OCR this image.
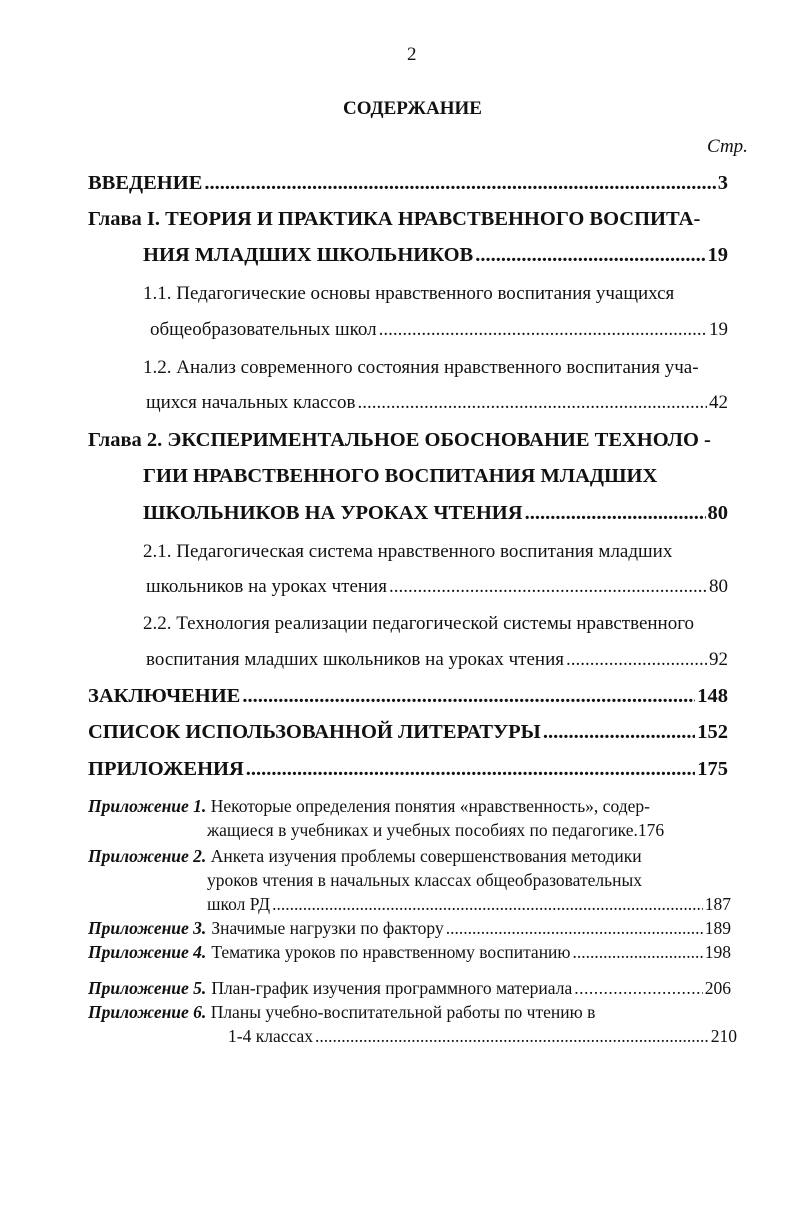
2
СОДЕРЖАНИЕ
Стр.
ВВЕДЕНИЕ .....	3
Глава I. ТЕОРИЯ И ПРАКТИКА НРАВСТВЕННОГО ВОСПИТА-
НИЯ МЛАДШИХ ШКОЛЬНИКОВ .....	19
1.1. Педагогические основы нравственного воспитания учащихся
общеобразовательных школ .....	19
1.2. Анализ современного состояния нравственного воспитания уча-
щихся начальных классов .....	42
Глава 2. ЭКСПЕРИМЕНТАЛЬНОЕ ОБОСНОВАНИЕ ТЕХНОЛО -
ГИИ НРАВСТВЕННОГО ВОСПИТАНИЯ МЛАДШИХ
ШКОЛЬНИКОВ НА УРОКАХ ЧТЕНИЯ .....	80
2.1. Педагогическая система нравственного воспитания младших
школьников на уроках чтения .....	80
2.2. Технология реализации педагогической системы нравственного
воспитания младших школьников на уроках чтения .....	92
ЗАКЛЮЧЕНИЕ .....	148
СПИСОК ИСПОЛЬЗОВАННОЙ ЛИТЕРАТУРЫ .....	152
ПРИЛОЖЕНИЯ .....	175
Приложение 1. Некоторые определения понятия «нравственность», содер-
жащиеся в учебниках и учебных пособиях по педагогике.176
Приложение 2. Анкета изучения проблемы совершенствования методики
уроков чтения в начальных классах общеобразовательных
школ РД .....	187
Приложение 3. Значимые нагрузки по фактору .....	189
Приложение 4. Тематика уроков по нравственному воспитанию .....	198
Приложение 5. План-график изучения программного материала .....	206
Приложение 6. Планы учебно-воспитательной работы по чтению в
1-4 классах .....	210
